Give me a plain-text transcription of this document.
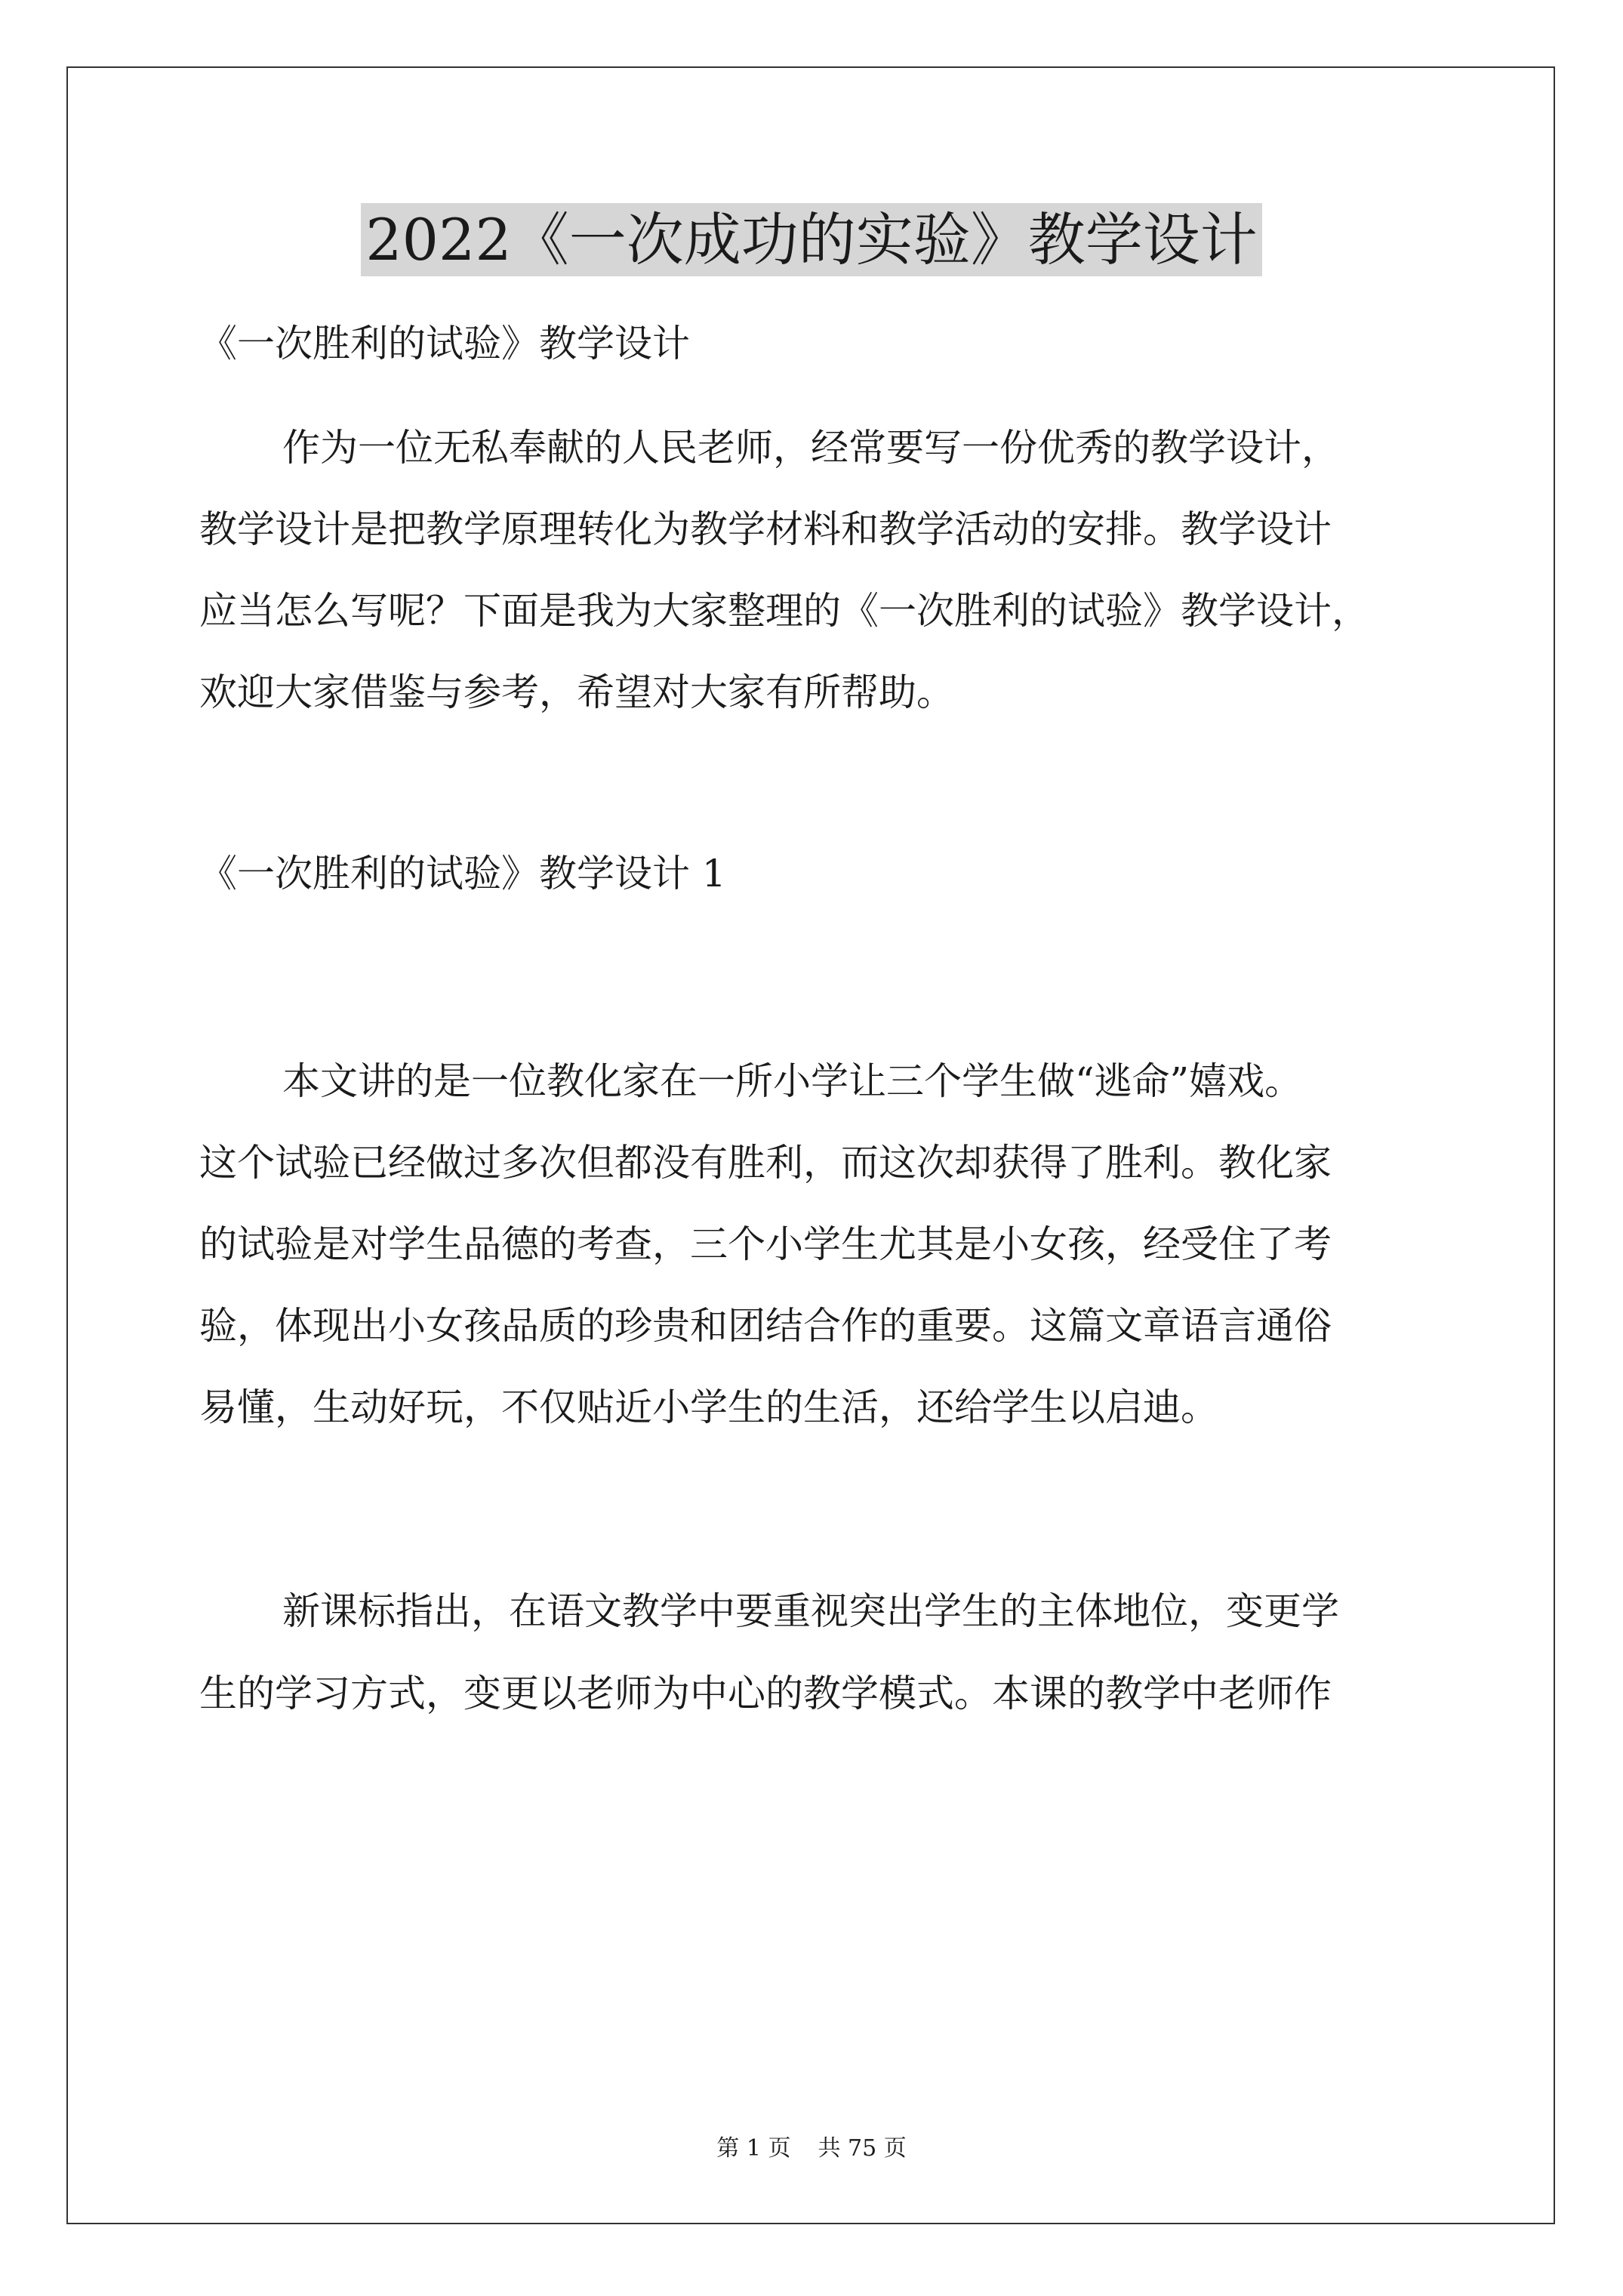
2022《一次成功的实验》教学设计

《一次胜利的试验》教学设计

作为一位无私奉献的人民老师，经常要写一份优秀的教学设计，

教学设计是把教学原理转化为教学材料和教学活动的安排。教学设计

应当怎么写呢？下面是我为大家整理的《一次胜利的试验》教学设计，

欢迎大家借鉴与参考，希望对大家有所帮助。

《一次胜利的试验》教学设计 1

本文讲的是一位教化家在一所小学让三个学生做“逃命”嬉戏。

这个试验已经做过多次但都没有胜利，而这次却获得了胜利。教化家

的试验是对学生品德的考查，三个小学生尤其是小女孩，经受住了考

验，体现出小女孩品质的珍贵和团结合作的重要。这篇文章语言通俗

易懂，生动好玩，不仅贴近小学生的生活，还给学生以启迪。

新课标指出，在语文教学中要重视突出学生的主体地位，变更学

生的学习方式，变更以老师为中心的教学模式。本课的教学中老师作

第 1 页 共 75 页
